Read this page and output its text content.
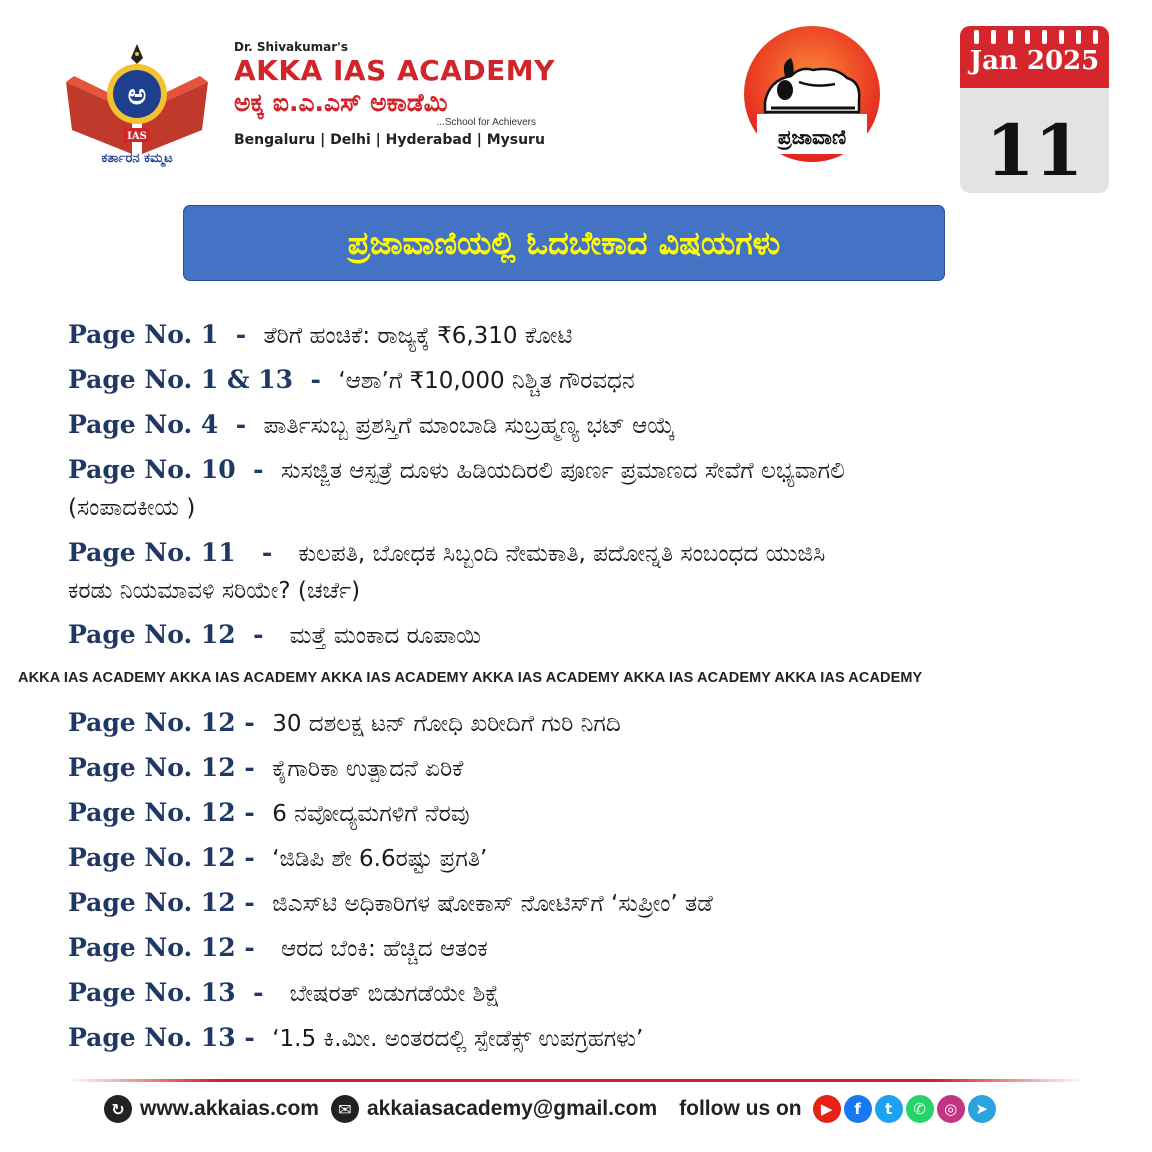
ಅ
IAS
ಕರ್ತಾರನ ಕಮ್ಮಟ
Dr. Shivakumar's
AKKA IAS ACADEMY
ಅಕ್ಕ ಐ.ಎ.ಎಸ್ ಅಕಾಡೆಮಿ
...School for Achievers
Bengaluru | Delhi | Hyderabad | Mysuru	ಪ್ರಜಾವಾಣಿ
Jan 2025
11
ಪ್ರಜಾವಾಣಿಯಲ್ಲಿ ಓದಬೇಕಾದ ವಿಷಯಗಳು
Page No. 1 - ತೆರಿಗೆ ಹಂಚಿಕೆ: ರಾಜ್ಯಕ್ಕೆ ₹6,310 ಕೋಟಿ
Page No. 1 & 13 - ‘ಆಶಾ’ಗೆ ₹10,000 ನಿಶ್ಚಿತ ಗೌರವಧನ
Page No. 4 - ಪಾರ್ತಿಸುಬ್ಬ ಪ್ರಶಸ್ತಿಗೆ ಮಾಂಬಾಡಿ ಸುಬ್ರಹ್ಮಣ್ಯ ಭಟ್ ಆಯ್ಕೆ
Page No. 10 - ಸುಸಜ್ಜಿತ ಆಸ್ಪತ್ರೆ ದೂಳು ಹಿಡಿಯದಿರಲಿ ಪೂರ್ಣ ಪ್ರಮಾಣದ ಸೇವೆಗೆ ಲಭ್ಯವಾಗಲಿ
(ಸಂಪಾದಕೀಯ )
Page No. 11 - ಕುಲಪತಿ, ಬೋಧಕ ಸಿಬ್ಬಂದಿ ನೇಮಕಾತಿ, ಪದೋನ್ನತಿ ಸಂಬಂಧದ ಯುಜಿಸಿ
ಕರಡು ನಿಯಮಾವಳಿ ಸರಿಯೇ? (ಚರ್ಚೆ)
Page No. 12 - ಮತ್ತೆ ಮಂಕಾದ ರೂಪಾಯಿ
Page No. 12 - 30 ದಶಲಕ್ಷ ಟನ್ ಗೋಧಿ ಖರೀದಿಗೆ ಗುರಿ ನಿಗದಿ
Page No. 12 - ಕೈಗಾರಿಕಾ ಉತ್ಪಾದನೆ ಏರಿಕೆ
Page No. 12 - 6 ನವೋದ್ಯಮಗಳಿಗೆ ನೆರವು
Page No. 12 - ‘ಜಿಡಿಪಿ ಶೇ 6.6ರಷ್ಟು ಪ್ರಗತಿ’
Page No. 12 - ಜಿಎಸ್‌ಟಿ ಅಧಿಕಾರಿಗಳ ಷೋಕಾಸ್ ನೋಟಿಸ್‌ಗೆ ‘ಸುಪ್ರೀಂ’ ತಡೆ
Page No. 12 - ಆರದ ಬೆಂಕಿ: ಹೆಚ್ಚಿದ ಆತಂಕ
Page No. 13 - ಬೇಷರತ್ ಬಿಡುಗಡೆಯೇ ಶಿಕ್ಷೆ
Page No. 13 - ‘1.5 ಕಿ.ಮೀ. ಅಂತರದಲ್ಲಿ ಸ್ಪೇಡೆಕ್ಸ್ ಉಪಗ್ರಹಗಳು’
AKKA IAS ACADEMY AKKA IAS ACADEMY AKKA IAS ACADEMY AKKA IAS ACADEMY AKKA IAS ACADEMY AKKA IAS ACADEMY
↻ www.akkaias.com	✉ akkaiasacademy@gmail.com follow us on	▶	f	t	✆	◎	➤
